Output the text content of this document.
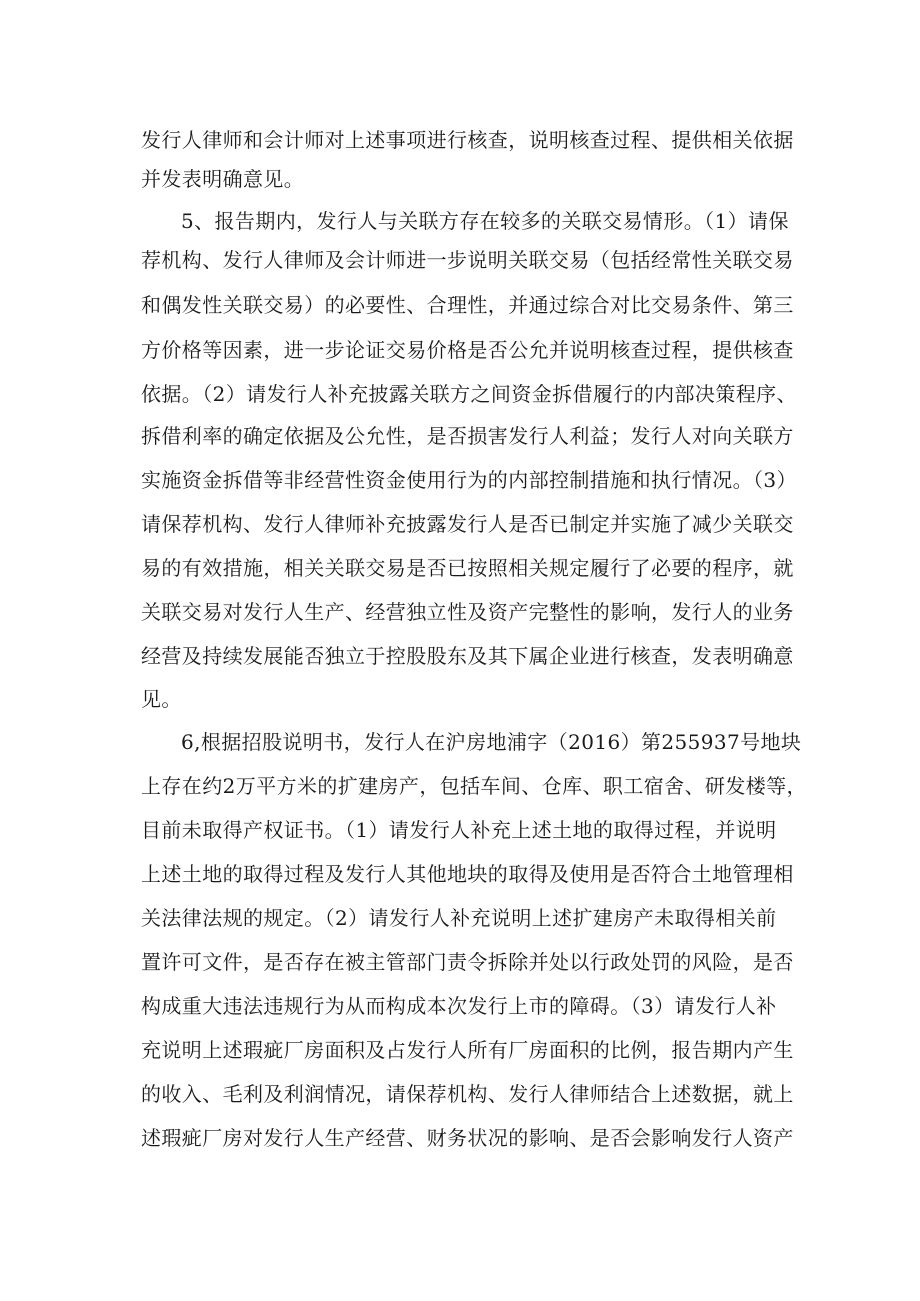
发行人律师和会计师对上述事项进行核查，说明核查过程、提供相关依据

并发表明确意见。

5、报告期内，发行人与关联方存在较多的关联交易情形。（1）请保

荐机构、发行人律师及会计师进一步说明关联交易（包括经常性关联交易

和偶发性关联交易）的必要性、合理性，并通过综合对比交易条件、第三

方价格等因素，进一步论证交易价格是否公允并说明核查过程，提供核查

依据。（2）请发行人补充披露关联方之间资金拆借履行的内部决策程序、

拆借利率的确定依据及公允性，是否损害发行人利益；发行人对向关联方

实施资金拆借等非经营性资金使用行为的内部控制措施和执行情况。（3）

请保荐机构、发行人律师补充披露发行人是否已制定并实施了减少关联交

易的有效措施，相关关联交易是否已按照相关规定履行了必要的程序，就

关联交易对发行人生产、经营独立性及资产完整性的影响，发行人的业务

经营及持续发展能否独立于控股股东及其下属企业进行核查，发表明确意

见。

6,根据招股说明书，发行人在沪房地浦字（2016）第255937号地块

上存在约2万平方米的扩建房产，包括车间、仓库、职工宿舍、研发楼等，

目前未取得产权证书。（1）请发行人补充上述土地的取得过程，并说明

上述土地的取得过程及发行人其他地块的取得及使用是否符合土地管理相

关法律法规的规定。（2）请发行人补充说明上述扩建房产未取得相关前

置许可文件，是否存在被主管部门责令拆除并处以行政处罚的风险，是否

构成重大违法违规行为从而构成本次发行上市的障碍。（3）请发行人补

充说明上述瑕疵厂房面积及占发行人所有厂房面积的比例，报告期内产生

的收入、毛利及利润情况，请保荐机构、发行人律师结合上述数据，就上

述瑕疵厂房对发行人生产经营、财务状况的影响、是否会影响发行人资产
